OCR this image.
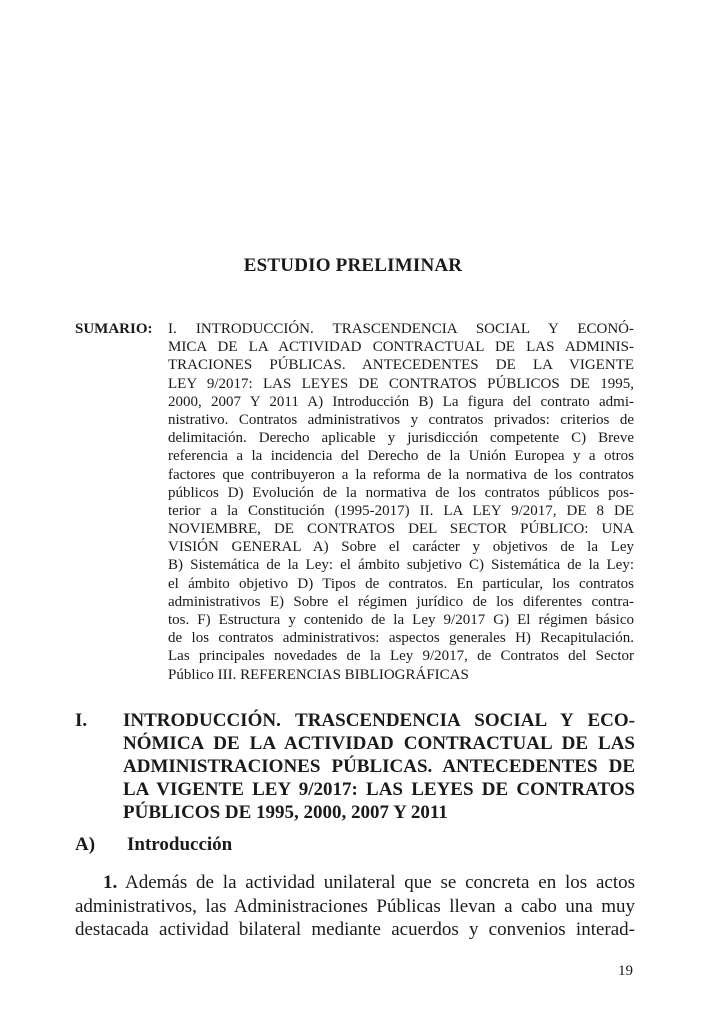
ESTUDIO PRELIMINAR
SUMARIO: I. INTRODUCCIÓN. TRASCENDENCIA SOCIAL Y ECONÓ-
MICA DE LA ACTIVIDAD CONTRACTUAL DE LAS ADMINIS-
TRACIONES PÚBLICAS. ANTECEDENTES DE LA VIGENTE
LEY 9/2017: LAS LEYES DE CONTRATOS PÚBLICOS DE 1995,
2000, 2007 Y 2011 A) Introducción B) La figura del contrato admi-
nistrativo. Contratos administrativos y contratos privados: criterios de
delimitación. Derecho aplicable y jurisdicción competente C) Breve
referencia a la incidencia del Derecho de la Unión Europea y a otros
factores que contribuyeron a la reforma de la normativa de los contratos
públicos D) Evolución de la normativa de los contratos públicos pos-
terior a la Constitución (1995-2017) II. LA LEY 9/2017, DE 8 DE
NOVIEMBRE, DE CONTRATOS DEL SECTOR PÚBLICO: UNA
VISIÓN GENERAL A) Sobre el carácter y objetivos de la Ley
B) Sistemática de la Ley: el ámbito subjetivo C) Sistemática de la Ley:
el ámbito objetivo D) Tipos de contratos. En particular, los contratos
administrativos E) Sobre el régimen jurídico de los diferentes contra-
tos. F) Estructura y contenido de la Ley 9/2017 G) El régimen básico
de los contratos administrativos: aspectos generales H) Recapitulación.
Las principales novedades de la Ley 9/2017, de Contratos del Sector
Público III. REFERENCIAS BIBLIOGRÁFICAS
I. INTRODUCCIÓN. TRASCENDENCIA SOCIAL Y ECO-
NÓMICA DE LA ACTIVIDAD CONTRACTUAL DE LAS
ADMINISTRACIONES PÚBLICAS. ANTECEDENTES DE
LA VIGENTE LEY 9/2017: LAS LEYES DE CONTRATOS
PÚBLICOS DE 1995, 2000, 2007 Y 2011
A) Introducción
1. Además de la actividad unilateral que se concreta en los actos
administrativos, las Administraciones Públicas llevan a cabo una muy
destacada actividad bilateral mediante acuerdos y convenios interad-
19
